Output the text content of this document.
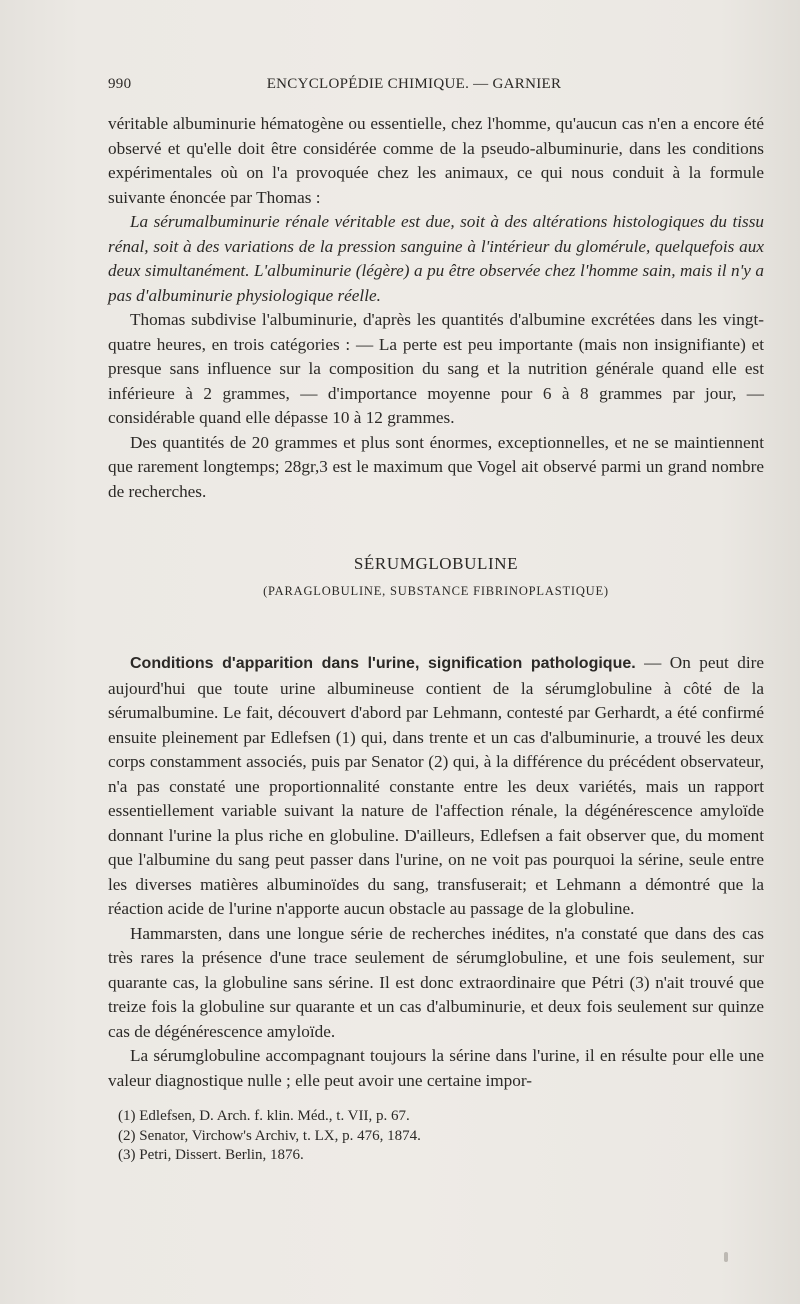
990	ENCYCLOPÉDIE CHIMIQUE. — GARNIER

véritable albuminurie hématogène ou essentielle, chez l'homme, qu'aucun cas n'en a encore été observé et qu'elle doit être considérée comme de la pseudo-albuminurie, dans les conditions expérimentales où on l'a provoquée chez les animaux, ce qui nous conduit à la formule suivante énoncée par Thomas :

La sérumalbuminurie rénale véritable est due, soit à des altérations histologiques du tissu rénal, soit à des variations de la pression sanguine à l'intérieur du glomérule, quelquefois aux deux simultanément. L'albuminurie (légère) a pu être observée chez l'homme sain, mais il n'y a pas d'albuminurie physiologique réelle.

Thomas subdivise l'albuminurie, d'après les quantités d'albumine excrétées dans les vingt-quatre heures, en trois catégories : — La perte est peu importante (mais non insignifiante) et presque sans influence sur la composition du sang et la nutrition générale quand elle est inférieure à 2 grammes, — d'importance moyenne pour 6 à 8 grammes par jour, — considérable quand elle dépasse 10 à 12 grammes.

Des quantités de 20 grammes et plus sont énormes, exceptionnelles, et ne se maintiennent que rarement longtemps; 28gr,3 est le maximum que Vogel ait observé parmi un grand nombre de recherches.

SÉRUMGLOBULINE
(PARAGLOBULINE, SUBSTANCE FIBRINOPLASTIQUE)

Conditions d'apparition dans l'urine, signification pathologique. — On peut dire aujourd'hui que toute urine albumineuse contient de la sérumglobuline à côté de la sérumalbumine. Le fait, découvert d'abord par Lehmann, contesté par Gerhardt, a été confirmé ensuite pleinement par Edlefsen (1) qui, dans trente et un cas d'albuminurie, a trouvé les deux corps constamment associés, puis par Senator (2) qui, à la différence du précédent observateur, n'a pas constaté une proportionnalité constante entre les deux variétés, mais un rapport essentiellement variable suivant la nature de l'affection rénale, la dégénérescence amyloïde donnant l'urine la plus riche en globuline. D'ailleurs, Edlefsen a fait observer que, du moment que l'albumine du sang peut passer dans l'urine, on ne voit pas pourquoi la sérine, seule entre les diverses matières albuminoïdes du sang, transfuserait; et Lehmann a démontré que la réaction acide de l'urine n'apporte aucun obstacle au passage de la globuline.

Hammarsten, dans une longue série de recherches inédites, n'a constaté que dans des cas très rares la présence d'une trace seulement de sérumglobuline, et une fois seulement, sur quarante cas, la globuline sans sérine. Il est donc extraordinaire que Pétri (3) n'ait trouvé que treize fois la globuline sur quarante et un cas d'albuminurie, et deux fois seulement sur quinze cas de dégénérescence amyloïde.

La sérumglobuline accompagnant toujours la sérine dans l'urine, il en résulte pour elle une valeur diagnostique nulle ; elle peut avoir une certaine impor-

(1) Edlefsen, D. Arch. f. klin. Méd., t. VII, p. 67.
(2) Senator, Virchow's Archiv, t. LX, p. 476, 1874.
(3) Petri, Dissert. Berlin, 1876.
